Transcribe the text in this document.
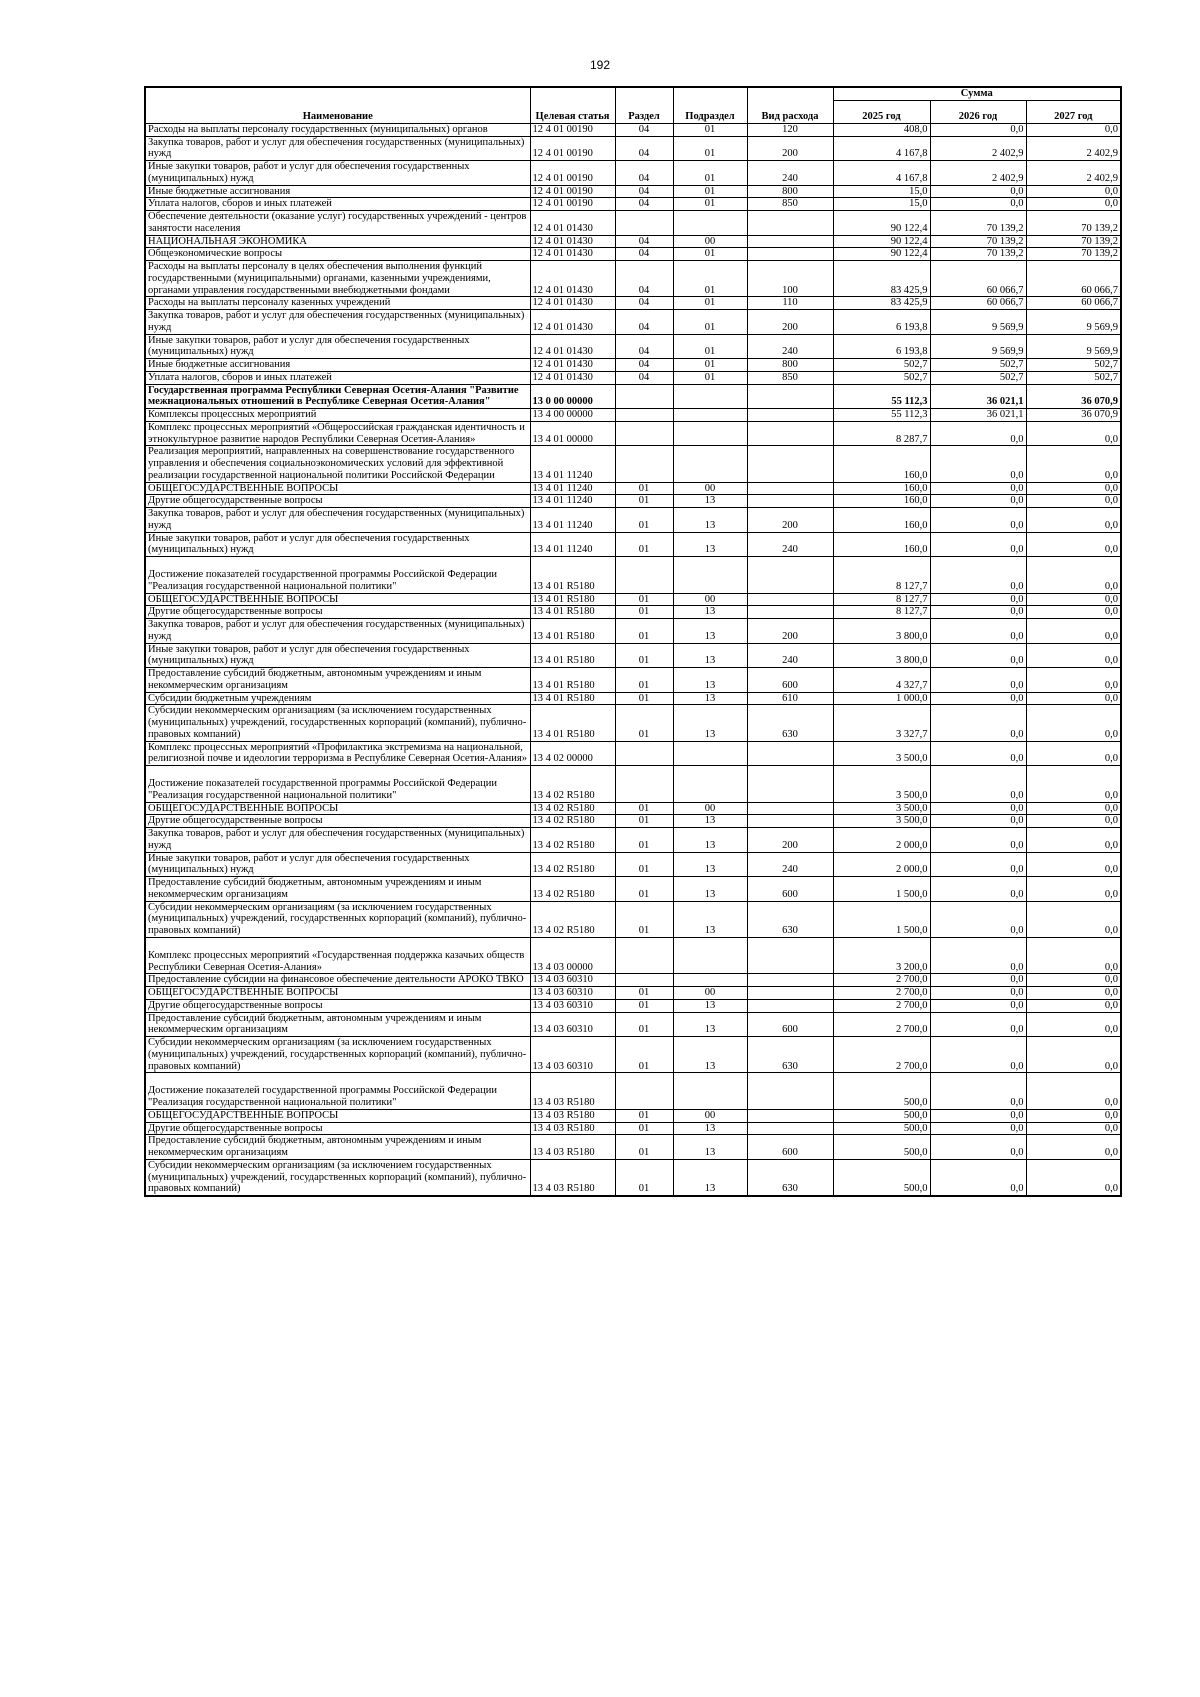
192
Наименование	Целевая статья	Раздел	Подраздел	Вид расхода	Сумма		
					2025 год	2026 год	2027 год
Расходы на выплаты персоналу государственных (муниципальных) органов	12 4 01 00190	04	01	120	408,0	0,0	0,0
Закупка товаров, работ и услуг для обеспечения государственных (муниципальных) нужд	12 4 01 00190	04	01	200	4 167,8	2 402,9	2 402,9
Иные закупки товаров, работ и услуг для обеспечения государственных (муниципальных) нужд	12 4 01 00190	04	01	240	4 167,8	2 402,9	2 402,9
Иные бюджетные ассигнования	12 4 01 00190	04	01	800	15,0	0,0	0,0
Уплата налогов, сборов и иных платежей	12 4 01 00190	04	01	850	15,0	0,0	0,0
Обеспечение деятельности (оказание услуг) государственных учреждений - центров занятости населения	12 4 01 01430				90 122,4	70 139,2	70 139,2
НАЦИОНАЛЬНАЯ ЭКОНОМИКА	12 4 01 01430	04	00		90 122,4	70 139,2	70 139,2
Общеэкономические вопросы	12 4 01 01430	04	01		90 122,4	70 139,2	70 139,2
Расходы на выплаты персоналу в целях обеспечения выполнения функций государственными (муниципальными) органами, казенными учреждениями, органами управления государственными внебюджетными фондами	12 4 01 01430	04	01	100	83 425,9	60 066,7	60 066,7
Расходы на выплаты персоналу казенных учреждений	12 4 01 01430	04	01	110	83 425,9	60 066,7	60 066,7
Закупка товаров, работ и услуг для обеспечения государственных (муниципальных) нужд	12 4 01 01430	04	01	200	6 193,8	9 569,9	9 569,9
Иные закупки товаров, работ и услуг для обеспечения государственных (муниципальных) нужд	12 4 01 01430	04	01	240	6 193,8	9 569,9	9 569,9
Иные бюджетные ассигнования	12 4 01 01430	04	01	800	502,7	502,7	502,7
Уплата налогов, сборов и иных платежей	12 4 01 01430	04	01	850	502,7	502,7	502,7
Государственная программа Республики Северная Осетия-Алания "Развитие межнациональных отношений в Республике Северная Осетия-Алания"	13 0 00 00000				55 112,3	36 021,1	36 070,9
Комплексы процессных мероприятий	13 4 00 00000				55 112,3	36 021,1	36 070,9
Комплекс процессных мероприятий «Общероссийская гражданская идентичность и этнокультурное развитие народов Республики Северная Осетия-Алания»	13 4 01 00000				8 287,7	0,0	0,0
Реализация мероприятий, направленных на совершенствование государственного управления и обеспечения социальноэкономических условий для эффективной реализации государственной национальной политики Российской Федерации	13 4 01 11240				160,0	0,0	0,0
ОБЩЕГОСУДАРСТВЕННЫЕ ВОПРОСЫ	13 4 01 11240	01	00		160,0	0,0	0,0
Другие общегосударственные вопросы	13 4 01 11240	01	13		160,0	0,0	0,0
Закупка товаров, работ и услуг для обеспечения государственных (муниципальных) нужд	13 4 01 11240	01	13	200	160,0	0,0	0,0
Иные закупки товаров, работ и услуг для обеспечения государственных (муниципальных) нужд	13 4 01 11240	01	13	240	160,0	0,0	0,0
Достижение показателей государственной программы Российской Федерации "Реализация государственной национальной политики"	13 4 01 R5180				8 127,7	0,0	0,0
ОБЩЕГОСУДАРСТВЕННЫЕ ВОПРОСЫ	13 4 01 R5180	01	00		8 127,7	0,0	0,0
Другие общегосударственные вопросы	13 4 01 R5180	01	13		8 127,7	0,0	0,0
Закупка товаров, работ и услуг для обеспечения государственных (муниципальных) нужд	13 4 01 R5180	01	13	200	3 800,0	0,0	0,0
Иные закупки товаров, работ и услуг для обеспечения государственных (муниципальных) нужд	13 4 01 R5180	01	13	240	3 800,0	0,0	0,0
Предоставление субсидий бюджетным, автономным учреждениям и иным некоммерческим организациям	13 4 01 R5180	01	13	600	4 327,7	0,0	0,0
Субсидии бюджетным учреждениям	13 4 01 R5180	01	13	610	1 000,0	0,0	0,0
Субсидии некоммерческим организациям (за исключением государственных (муниципальных) учреждений, государственных корпораций (компаний), публично-правовых компаний)	13 4 01 R5180	01	13	630	3 327,7	0,0	0,0
Комплекс процессных мероприятий «Профилактика экстремизма на национальной, религиозной почве и идеологии терроризма в Республике Северная Осетия-Алания»	13 4 02 00000				3 500,0	0,0	0,0
Достижение показателей государственной программы Российской Федерации "Реализация государственной национальной политики"	13 4 02 R5180				3 500,0	0,0	0,0
ОБЩЕГОСУДАРСТВЕННЫЕ ВОПРОСЫ	13 4 02 R5180	01	00		3 500,0	0,0	0,0
Другие общегосударственные вопросы	13 4 02 R5180	01	13		3 500,0	0,0	0,0
Закупка товаров, работ и услуг для обеспечения государственных (муниципальных) нужд	13 4 02 R5180	01	13	200	2 000,0	0,0	0,0
Иные закупки товаров, работ и услуг для обеспечения государственных (муниципальных) нужд	13 4 02 R5180	01	13	240	2 000,0	0,0	0,0
Предоставление субсидий бюджетным, автономным учреждениям и иным некоммерческим организациям	13 4 02 R5180	01	13	600	1 500,0	0,0	0,0
Субсидии некоммерческим организациям (за исключением государственных (муниципальных) учреждений, государственных корпораций (компаний), публично-правовых компаний)	13 4 02 R5180	01	13	630	1 500,0	0,0	0,0
Комплекс процессных мероприятий «Государственная поддержка казачьих обществ Республики Северная Осетия-Алания»	13 4 03 00000				3 200,0	0,0	0,0
Предоставление субсидии на финансовое обеспечение деятельности АРОКО ТВКО	13 4 03 60310				2 700,0	0,0	0,0
ОБЩЕГОСУДАРСТВЕННЫЕ ВОПРОСЫ	13 4 03 60310	01	00		2 700,0	0,0	0,0
Другие общегосударственные вопросы	13 4 03 60310	01	13		2 700,0	0,0	0,0
Предоставление субсидий бюджетным, автономным учреждениям и иным некоммерческим организациям	13 4 03 60310	01	13	600	2 700,0	0,0	0,0
Субсидии некоммерческим организациям (за исключением государственных (муниципальных) учреждений, государственных корпораций (компаний), публично-правовых компаний)	13 4 03 60310	01	13	630	2 700,0	0,0	0,0
Достижение показателей государственной программы Российской Федерации "Реализация государственной национальной политики"	13 4 03 R5180				500,0	0,0	0,0
ОБЩЕГОСУДАРСТВЕННЫЕ ВОПРОСЫ	13 4 03 R5180	01	00		500,0	0,0	0,0
Другие общегосударственные вопросы	13 4 03 R5180	01	13		500,0	0,0	0,0
Предоставление субсидий бюджетным, автономным учреждениям и иным некоммерческим организациям	13 4 03 R5180	01	13	600	500,0	0,0	0,0
Субсидии некоммерческим организациям (за исключением государственных (муниципальных) учреждений, государственных корпораций (компаний), публично-правовых компаний)	13 4 03 R5180	01	13	630	500,0	0,0	0,0
